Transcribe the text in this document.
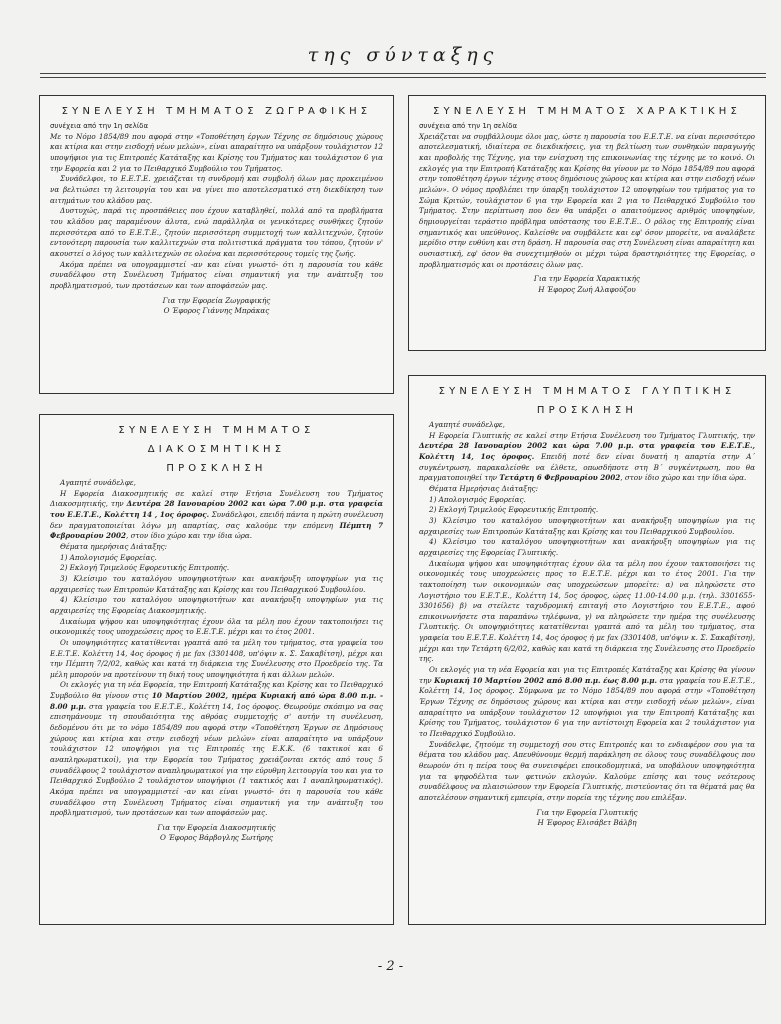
της σύνταξης
ΣΥΝΕΛΕΥΣΗ ΤΜΗΜΑΤΟΣ ΖΩΓΡΑΦΙΚΗΣ
συνέχεια από την 1η σελίδα

Με το Νόμο 1854/89 που αφορά στην «Τοποθέτηση έργων Τέχνης σε δημόσιους χώρους και κτίρια και στην εισδοχή νέων μελών», είναι απαραίτητο να υπάρξουν τουλάχιστον 12 υποψήφιοι για τις Επιτροπές Κατάταξης και Κρίσης του Τμήματος και τουλάχιστον 6 για την Εφορεία και 2 για το Πειθαρχικό Συμβούλιο του Τμήματος.

Συνάδελφοι, το Ε.Ε.Τ.Ε. χρειάζεται τη συνδρομή και συμβολή όλων μας προκειμένου να βελτιώσει τη λειτουργία του και να γίνει πιο αποτελεσματικό στη διεκδίκηση των αιτημάτων του κλάδου μας.

Δυστυχώς, παρά τις προσπάθειες που έχουν καταβληθεί, πολλά από τα προβλήματα του κλάδου μας παραμένουν άλυτα, ενώ παράλληλα οι γενικότερες συνθήκες ζητούν περισσότερα από το Ε.Ε.Τ.Ε., ζητούν περισσότερη συμμετοχή των καλλιτεχνών, ζητούν εντονότερη παρουσία των καλλιτεχνών στα πολιτιστικά πράγματα του τόπου, ζητούν ν' ακουστεί ο λόγος των καλλιτεχνών σε ολοένα και περισσότερους τομείς της ζωής.

Ακόμα πρέπει να υπογραμμιστεί -αν και είναι γνωστό- ότι η παρουσία του κάθε συναδέλφου στη Συνέλευση Τμήματος είναι σημαντική για την ανάπτυξη του προβληματισμού, των προτάσεων και των αποφάσεών μας.

Για την Εφορεία Ζωγραφικής
Ο Έφορος Γιάννης Μπράκας
ΣΥΝΕΛΕΥΣΗ ΤΜΗΜΑΤΟΣ ΧΑΡΑΚΤΙΚΗΣ
συνέχεια από την 1η σελίδα

Χρειάζεται να συμβάλλουμε όλοι μας, ώστε η παρουσία του Ε.Ε.Τ.Ε. να είναι περισσότερο αποτελεσματική, ιδιαίτερα σε διεκδικήσεις, για τη βελτίωση των συνθηκών παραγωγής και προβολής της Τέχνης, για την ενίσχυση της επικοινωνίας της τέχνης με το κοινό. Οι εκλογές για την Επιτροπή Κατάταξης και Κρίσης θα γίνουν με το Νόμο 1854/89 που αφορά στην τοποθέτηση έργων τέχνης στους δημόσιους χώρους και κτίρια και στην εισδοχή νέων μελών». Ο νόμος προβλέπει την ύπαρξη τουλάχιστον 12 υποψηφίων του τμήματος για το Σώμα Κριτών, τουλάχιστον 6 για την Εφορεία και 2 για το Πειθαρχικό Συμβούλιο του Τμήματος. Στην περίπτωση που δεν θα υπάρξει ο απαιτούμενος αριθμός υποψηφίων, δημιουργείται τεράστιο πρόβλημα υπόστασης του Ε.Ε.Τ.Ε.. Ο ρόλος της Επιτροπής είναι σημαντικός και υπεύθυνος. Καλείσθε να συμβάλετε και εφ' όσον μπορείτε, να αναλάβετε μερίδιο στην ευθύνη και στη δράση. Η παρουσία σας στη Συνέλευση είναι απαραίτητη και ουσιαστική, εφ' όσον θα συνεχτιμηθούν οι μέχρι τώρα δραστηριότητες της Εφορείας, ο προβληματισμός και οι προτάσεις όλων μας.

Για την Εφορεία Χαρακτικής
Η Έφορος Ζωή Αλαφούζου
ΣΥΝΕΛΕΥΣΗ ΤΜΗΜΑΤΟΣ ΔΙΑΚΟΣΜΗΤΙΚΗΣ
ΠΡΟΣΚΛΗΣΗ

Αγαπητέ συνάδελφε,

Η Εφορεία Διακοσμητικής σε καλεί στην Ετήσια Συνέλευση του Τμήματος Διακοσμητικής, την Δευτέρα 28 Ιανουαρίου 2002 και ώρα 7.00 μ.μ. στα γραφεία του Ε.Ε.Τ.Ε., Κολέττη 14 , 1ος όροφος. Συνάδελφοι, επειδή πάντα η πρώτη συνέλευση δεν πραγματοποιείται λόγω μη απαρτίας, σας καλούμε την επόμενη Πέμπτη 7 Φεβρουαρίου 2002, στον ίδιο χώρο και την ίδια ώρα.

Θέματα ημερήσιας Διάταξης:

1) Απολογισμός Εφορείας.

2) Εκλογή Τριμελούς Εφορευτικής Επιτροπής.

3) Κλείσιμο του καταλόγου υποψηφιοτήτων και ανακήρυξη υποψηφίων για τις αρχαιρεσίες των Επιτροπών Κατάταξης και Κρίσης και του Πειθαρχικού Συμβουλίου.

4) Κλείσιμο του καταλόγου υποψηφιοτήτων και ανακήρυξη υποψηφίων για τις αρχαιρεσίες της Εφορείας Διακοσμητικής.

Δικαίωμα ψήφου και υποψηφιότητας έχουν όλα τα μέλη που έχουν τακτοποιήσει τις οικονομικές τους υποχρεώσεις προς το Ε.Ε.Τ.Ε. μέχρι και το έτος 2001.

Οι υποψηφιότητες κατατίθενται γραπτά από τα μέλη του τμήματος, στα γραφεία του Ε.Ε.Τ.Ε. Κολέττη 14, 4ος όροφος ή με fax (3301408, υπ'όψιν κ. Σ. Σακαβίτση), μέχρι και την Πέμπτη 7/2/02, καθώς και κατά τη διάρκεια της Συνέλευσης στο Προεδρείο της. Τα μέλη μπορούν να προτείνουν τη δική τους υποψηφιότητα ή και άλλων μελών.

Οι εκλογές για τη νέα Εφορεία, την Επιτροπή Κατάταξης και Κρίσης και το Πειθαρχικό Συμβούλιο θα γίνουν στις 10 Μαρτίου 2002, ημέρα Κυριακή από ώρα 8.00 π.μ. - 8.00 μ.μ. στα γραφεία του Ε.Ε.Τ.Ε., Κολέττη 14, 1ος όροφος. Θεωρούμε σκόπιμο να σας επισημάνουμε τη σπουδαιότητα της αθρόας συμμετοχής σ' αυτήν τη συνέλευση, δεδομένου ότι με το νόμο 1854/89 που αφορά στην «Τοποθέτηση Έργων σε Δημόσιους χώρους και κτίρια και στην εισδοχή νέων μελών» είναι απαραίτητο να υπάρξουν τουλάχιστον 12 υποψήφιοι για τις Επιτροπές της Ε.Κ.Κ. (6 τακτικοί και 6 αναπληρωματικοί), για την Εφορεία του Τμήματος χρειάζονται εκτός από τους 5 συναδέλφους 2 τουλάχιστον αναπληρωματικοί για την εύρυθμη λειτουργία του και για το Πειθαρχικό Συμβούλιο 2 τουλάχιστον υποψήφιοι (1 τακτικός και 1 αναπληρωματικός). Ακόμα πρέπει να υπογραμμιστεί -αν και είναι γνωστό- ότι η παρουσία του κάθε συναδέλφου στη Συνέλευση Τμήματος είναι σημαντική για την ανάπτυξη του προβληματισμού, των προτάσεων και των αποφάσεών μας.

Για την Εφορεία Διακοσμητικής
Ο Έφορος Βάρβογλης Σωτήρης
ΣΥΝΕΛΕΥΣΗ ΤΜΗΜΑΤΟΣ ΓΛΥΠΤΙΚΗΣ
ΠΡΟΣΚΛΗΣΗ

Αγαπητέ συνάδελφε,

Η Εφορεία Γλυπτικής σε καλεί στην Ετήσια Συνέλευση του Τμήματος Γλυπτικής, την Δευτέρα 28 Ιανουαρίου 2002 και ώρα 7.00 μ.μ. στα γραφεία του Ε.Ε.Τ.Ε., Κολέττη 14, 1ος όροφος. Επειδή ποτέ δεν είναι δυνατή η απαρτία στην Α΄ συγκέντρωση, παρακαλείσθε να έλθετε, οπωσδήποτε στη Β΄ συγκέντρωση, που θα πραγματοποιηθεί την Τετάρτη 6 Φεβρουαρίου 2002, στον ίδιο χώρο και την ίδια ώρα.

Θέματα Ημερήσιας Διάταξης:

1) Απολογισμός Εφορείας.

2) Εκλογή Τριμελούς Εφορευτικής Επιτροπής.

3) Κλείσιμο του καταλόγου υποψηφιοτήτων και ανακήρυξη υποψηφίων για τις αρχαιρεσίες των Επιτροπών Κατάταξης και Κρίσης και του Πειθαρχικού Συμβουλίου.

4) Κλείσιμο του καταλόγου υποψηφιοτήτων και ανακήρυξη υποψηφίων για τις αρχαιρεσίες της Εφορείας Γλυπτικής.

Δικαίωμα ψήφου και υποψηφιότητας έχουν όλα τα μέλη που έχουν τακτοποιήσει τις οικονομικές τους υποχρεώσεις προς το Ε.Ε.Τ.Ε. μέχρι και το έτος 2001. Για την τακτοποίηση των οικονομικών σας υποχρεώσεων μπορείτε: α) να πληρώσετε στο Λογιστήριο του Ε.Ε.Τ.Ε., Κολέττη 14, 5ος όροφος, ώρες 11.00-14.00 μ.μ. (τηλ. 3301655-3301656) β) να στείλετε ταχυδρομική επιταγή στο Λογιστήριο του Ε.Ε.Τ.Ε., αφού επικοινωνήσετε στα παραπάνω τηλέφωνα, γ) να πληρώσετε την ημέρα της συνέλευσης Γλυπτικής. Οι υποψηφιότητες κατατίθενται γραπτά από τα μέλη του τμήματος, στα γραφεία του Ε.Ε.Τ.Ε. Κολέττη 14, 4ος όροφος ή με fax (3301408, υπ'όψιν κ. Σ. Σακαβίτση), μέχρι και την Τετάρτη 6/2/02, καθώς και κατά τη διάρκεια της Συνέλευσης στο Προεδρείο της.

Οι εκλογές για τη νέα Εφορεία και για τις Επιτροπές Κατάταξης και Κρίσης θα γίνουν την Κυριακή 10 Μαρτίου 2002 από 8.00 π.μ. έως 8.00 μ.μ. στα γραφεία του Ε.Ε.Τ.Ε., Κολέττη 14, 1ος όροφος. Σύμφωνα με το Νόμο 1854/89 που αφορά στην «Τοποθέτηση Έργων Τέχνης σε δημόσιους χώρους και κτίρια και στην εισδοχή νέων μελών», είναι απαραίτητο να υπάρξουν τουλάχιστον 12 υποψήφιοι για την Επιτροπή Κατάταξης και Κρίσης του Τμήματος, τουλάχιστον 6 για την αντίστοιχη Εφορεία και 2 τουλάχιστον για το Πειθαρχικό Συμβούλιο.

Συνάδελφε, ζητούμε τη συμμετοχή σου στις Επιτροπές και το ενδιαφέρον σου για τα θέματα του κλάδου μας. Απευθύνουμε θερμή παράκληση σε όλους τους συναδέλφους που θεωρούν ότι η πείρα τους θα συνεισφέρει εποικοδομητικά, να υποβάλουν υποψηφιότητα για τα ψηφοδέλτια των φετινών εκλογών. Καλούμε επίσης και τους νεότερους συναδέλφους να πλαισιώσουν την Εφορεία Γλυπτικής, πιστεύοντας ότι τα θέματά μας θα αποτελέσουν σημαντική εμπειρία, στην πορεία της τέχνης που επιλέξαν.

Για την Εφορεία Γλυπτικής
Η Έφορος Ελισάβετ Βάλβη
- 2 -
